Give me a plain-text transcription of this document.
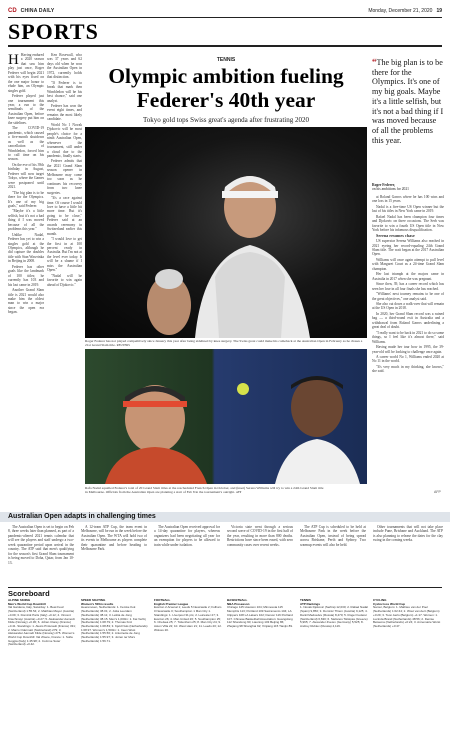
CD CHINA DAILY	Monday, December 21, 2020 19
SPORTS

H Having endured a 2020 season that saw him play just once, Roger Federer will begin 2021 with his eyes fixed on the one major honor to elude him, an Olympic singles gold.

Federer played just one tournament this year, a run to the semifinals of the Australian Open, before knee surgery put him on the sidelines.

The COVID-19 pandemic, which caused a five-month shutdown as well as the cancellation of Wimbledon, forced him to call time on his season.

On the eve of his 39th birthday in August, Federer will now target Tokyo, where the Games were postponed until 2021.

"The big plan is to be there for the Olympics. It's one of my big goals," said Federer.

"Maybe it's a little selfish, but it's not a bad thing if I was moved because of all the problems this year."

Unlike Nadal, Federer has yet to win a singles gold at the Olympics, although he did capture the doubles title with Stan Wawrinka in Beijing in 2008.

Federer has other goals like the landmark of 100 titles; he currently has 103 and his last came in 2019.

Another Grand Slam title is 2021 would also make him the oldest man to win a major since the open era began.

Ken Rosewall, who was 37 years and 62 days old when he won the Australian Open in 1972, currently holds that distinction.

"If Federer is to break that mark then Wimbledon will be his best chance," said one analyst.

Federer has won the event eight times, and remains the most likely candidate.

World No 1 Novak Djokovic will be most people's choice for a ninth Australian Open, whenever the tournament, still under a cloud due to the pandemic, finally starts.

Federer admits that the 2021 Grand Slam season opener in Melbourne may come too soon as he continues his recovery from two knee surgeries.

"It's a race against time. Of course I would love to have a little bit more time. But it's going to be close," Federer said at an awards ceremony in Switzerland earlier this month.

"I would love to get the first in at 100 percent ready in Australia. But I'm not at the level ever today. It will be a shame if I miss the Australian Open."

"Nadal will be favorite to win again ahead of Djokovic."

TENNIS
Olympic ambition fueling Federer's 40th year
Tokyo gold tops Swiss great's agenda after frustrating 2020
Roger Federer has not played competitively since January this year after being sidelined by knee surgery. The Swiss great could make his comeback at the Australian Open in February as he chases a 21st Grand Slam title. REUTERS
Rafa Nadal equalled Federer's total of 20 Grand Slam titles at the rescheduled French Open in October, and (inset) Serena Williams will try to win a 24th Grand Slam title in Melbourne. Officials from the Australian Open are planning a start of Feb 8 in the tournament's outright. AFP
“The big plan is to be there for the Olympics. It's one of my big goals. Maybe it's a little selfish, but it's not a bad thing if I was moved because of all the problems this year.
Roger Federer,
on his ambitions for 2021

at Roland Garros where he has 100 wins and one loss in 15 years.

Nadal is a five-time US Open winner but the last of his titles in New York came in 2019.

Rafael Nadal has been champion four times and Djokovic on three occasions. The Serb was favorite to win a fourth US Open title in Now York before his infamous disqualification.

Serena resumes chase

US superstar Serena Williams also reached in 2021 eyeing her record-equaling 24th Grand Slam title. The wait began at the 2017 Australian Open.

Williams will once again attempt to pull level with Margaret Court as a 24-time Grand Slam champion.

Her last triumph at the majors came in Australia in 2017 when she was pregnant.

Since then, 39, has a career record which has seen her lose in all four finals she has reached.

"Williams' next tourney remains to be one of the great objectives," one analyst said.

She also cut down a walk-over that will remain at the US Open in 2018.

In 2020, her Grand Slam record was a ruined bag — a third-round exit in Australia and a withdrawal from Roland Garros underlining a great deal of doubt.

"I really want to be back in 2021 to do so some things, so I feel like it's almost there," said Williams.

Having made her tour bow in 1995, the 39-year-old will be looking to challenge once again.

A career world No 1, Williams ended 2020 at No 11 in the world.

"It's very much in my thinking, she knows," she said.

AFP
Australian Open adapts in challenging times

The Australian Open is set to begin on Feb 8, three weeks later than planned, as part of a pandemic-altered 2021 tennis calendar that will see the players and staff undergo a two-week quarantine period upon arrival in the country. The ATP said that men's qualifying for the season's first Grand Slam tournament is being moved to Doha, Qatar, from Jan 10-13.

A 12-team ATP Cup, the team event in Melbourne, will be run in the week before the Australian Open. The WTA will hold two of its events in Melbourne as players complete their quarantine and before heading to Melbourne Park.

The Australian Open received approval for a 14-day quarantine for players, whereas organizers had been negotiating all year for an exemption for players to be allowed to train while under isolation.

Victoria state went through a serious second wave of COVID-19 in the first half of the year, resulting in more than 800 deaths. Restrictions have since been eased, with zero community cases over recent weeks.

The ATP Cup is scheduled to be held at Melbourne Park in the week before the Australian Open, instead of being spread across Brisbane, Perth and Sydney. Two warmup events will also be held.

Other tournaments that will not take place include Pune, Brisbane and Auckland. The ATP is also planning to release the dates for the clay swing in the coming weeks.

Scoreboard
ALPINE SKIING
Men's World Cup Downhill
Val Gardena, Italy, Saturday: 1. Beat Feuz (Switzerland) 1:55.54; 2. Matthias Mayer (Austria) +0.09; 3. Dominik Paris (Italy) +0.12; 4. Vincent Kriechmayr (Austria) +0.27; 5. Aleksander Aamodt Kilde (Norway) +0.36; 6. Johan Clarey (France) +0.41. Standings: 1. Alexis Pinturault (France) 331; 2. Marco Odermatt (Switzerland) 279; 3. Aleksander Aamodt Kilde (Norway) 275. Women's World Cup Downhill: Val d'Isere, France: 1. Sofia Goggia (Italy) 1:45.98; 2. Corinne Suter (Switzerland) +0.42.
SPEED SKATING
Women's 500m results
Heerenveen, Netherlands: 1. Femke Kok (Netherlands) 38.01; 2. Jutta Leerdam (Netherlands) 38.11; 3. Letitia de Jong (Netherlands) 38.15. Men's 1,000m: 1. Kai Verbij (Netherlands) 1:08.79; 2. Thomas Krol (Netherlands) 1:08.83; 3. Kjeld Nuis (Netherlands) 1:08.97. Women's 1,500m: 1. Ireen Wust (Netherlands) 1:55.56; 2. Antoinette de Jong (Netherlands) 1:55.97; 3. Jorien ter Mors (Netherlands) 1:56.71.
FOOTBALL
English Premier League
Everton 2 Arsenal 1; Leeds 5 Newcastle 2; Fulham 0 Newcastle 0; Southampton 1 Man City 1. Standings: 1. Liverpool 31 pts; 2. Leicester 27; 3. Everton 26; 4. Man United 26; 5. Southampton 25; 6. Chelsea 25; 7. Tottenham 25; 8. Man City 24; 9. Aston Villa 22; 10. West Ham 21; 11. Leeds 20; 12. Wolves 20.
BASKETBALL
NBA Preseason
Chicago 125 Houston 104; Minnesota 115 Memphis 113; Portland 109 Sacramento 104; LA Clippers 108 LA Lakers 102; Denver 116 Portland 107. Chinese Basketball Association: Guangdong 112 Shandong 90; Liaoning 103 Beijing 86; Zhejiang 98 Shanghai 92; Xinjiang 115 Tianjin 89.
TENNIS
ATP Rankings
1. Novak Djokovic (Serbia) 12,030; 2. Rafael Nadal (Spain) 9,850; 3. Dominic Thiem (Austria) 9,125; 4. Daniil Medvedev (Russia) 8,470; 5. Roger Federer (Switzerland) 6,630; 6. Stefanos Tsitsipas (Greece) 5,965; 7. Alexander Zverev (Germany) 5,525; 8. Andrey Rublev (Russia) 4,119.
CYCLING
Cyclocross World Cup
Namur, Belgium: 1. Mathieu van der Poel (Netherlands) 1:02:44; 2. Wout van Aert (Belgium) +0:29; 3. Toon Aerts (Belgium) +1:17. Women: 1. Lucinda Brand (Netherlands) 48:56; 2. Denise Betsema (Netherlands) +0:24; 3. Annemarie Worst (Netherlands) +0:47.
